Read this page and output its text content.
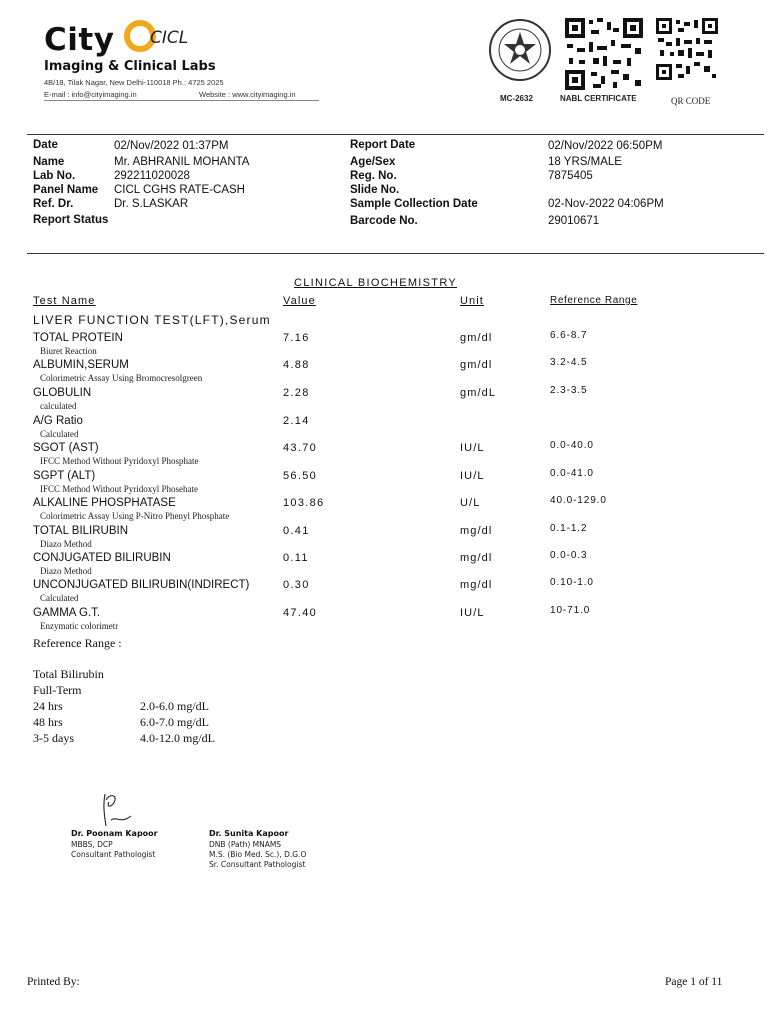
City CICL
Imaging & Clinical Labs
4B/18, Tilak Nagar, New Delhi-110018 Ph.: 4725 2025
E-mail : info@cityimaging.in	Website : www.cityimaging.in	MC-2632	NABL CERTIFICATE	QR CODE
Date	02/Nov/2022 01:37PM
Name	Mr. ABHRANIL MOHANTA
Lab No.	292211020028
Panel Name CICL CGHS RATE-CASH
Ref. Dr.	Dr. S.LASKAR
Report Status
Report Date	02/Nov/2022 06:50PM
Age/Sex	18 YRS/MALE
Reg. No.	7875405
Slide No.
Sample Collection Date	02-Nov-2022 04:06PM
Barcode No.	29010671
CLINICAL BIOCHEMISTRY
Test Name	Value	Unit	Reference Range
LIVER FUNCTION TEST(LFT),Serum
TOTAL PROTEIN
Biuret Reaction
7.16	gm/dl	6.6-8.7
ALBUMIN,SERUM
Colorimetric Assay Using Bromocresolgreen
4.88	gm/dl	3.2-4.5
GLOBULIN
calculated
2.28	gm/dL	2.3-3.5
A/G Ratio
Calculated
2.14
SGOT (AST)
IFCC Method Without Pyridoxyl Phosphate
43.70	IU/L	0.0-40.0
SGPT (ALT)
IFCC Method Without Pyridoxyl Phosehate
56.50	IU/L	0.0-41.0
ALKALINE PHOSPHATASE
Colorimetric Assay Using P-Nitro Phenyl Phosphate
103.86	U/L	40.0-129.0
TOTAL BILIRUBIN
Diazo Method
0.41	mg/dl	0.1-1.2
CONJUGATED BILIRUBIN
Diazo Method
0.11	mg/dl	0.0-0.3
UNCONJUGATED BILIRUBIN(INDIRECT)
Calculated
0.30	mg/dl	0.10-1.0
GAMMA G.T.
Enzymatic colorimetr
47.40	IU/L	10-71.0
Reference Range :
Total Bilirubin
Full-Term
24 hrs	2.0-6.0 mg/dL
48 hrs	6.0-7.0 mg/dL
3-5 days	4.0-12.0 mg/dL
Dr. Poonam Kapoor
MBBS, DCP
Consultant Pathologist
Dr. Sunita Kapoor
DNB (Path) MNAMS
M.S. (Bio Med. Sc.), D.G.O
Sr. Consultant Pathologist
Printed By:	Page 1 of 11
